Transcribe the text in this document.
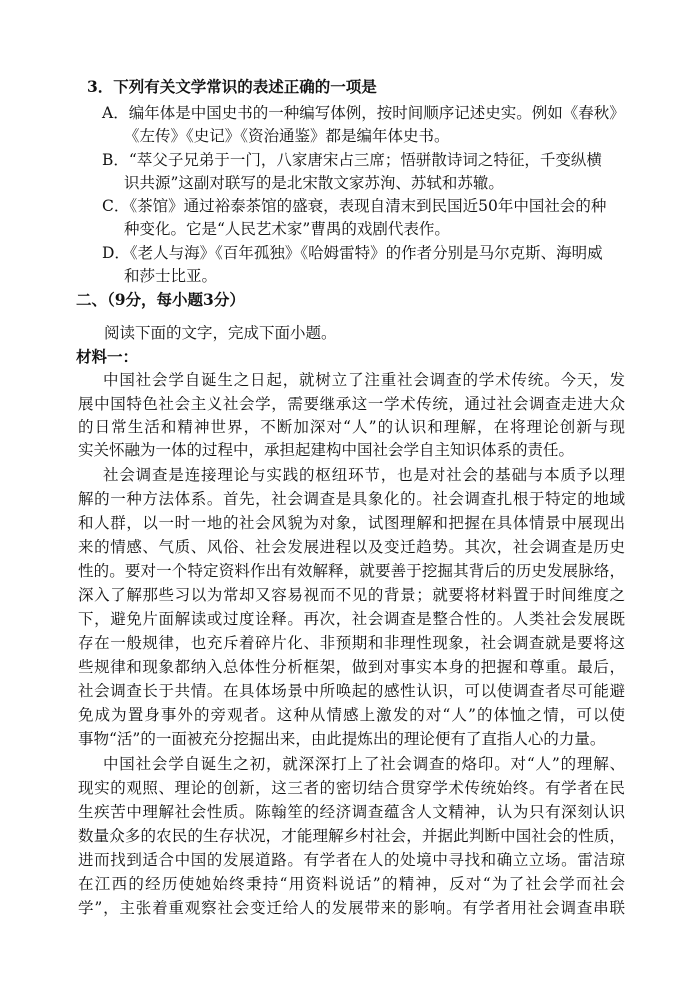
3．下列有关文学常识的表述正确的一项是
A．编年体是中国史书的一种编写体例，按时间顺序记述史实。例如《春秋》
《左传》《史记》《资治通鉴》都是编年体史书。
B．“萃父子兄弟于一门，八家唐宋占三席；悟骈散诗词之特征，千变纵横
识共源”这副对联写的是北宋散文家苏洵、苏轼和苏辙。
C．《茶馆》通过裕泰茶馆的盛衰，表现自清末到民国近50年中国社会的种
种变化。它是“人民艺术家”曹禺的戏剧代表作。
D．《老人与海》《百年孤独》《哈姆雷特》的作者分别是马尔克斯、海明威
和莎士比亚。
二、（9分，每小题3分）
阅读下面的文字，完成下面小题。
材料一：
中国社会学自诞生之日起，就树立了注重社会调查的学术传统。今天，发
展中国特色社会主义社会学，需要继承这一学术传统，通过社会调查走进大众
的日常生活和精神世界，不断加深对“人”的认识和理解，在将理论创新与现
实关怀融为一体的过程中，承担起建构中国社会学自主知识体系的责任。
社会调查是连接理论与实践的枢纽环节，也是对社会的基础与本质予以理
解的一种方法体系。首先，社会调查是具象化的。社会调查扎根于特定的地域
和人群，以一时一地的社会风貌为对象，试图理解和把握在具体情景中展现出
来的情感、气质、风俗、社会发展进程以及变迁趋势。其次，社会调查是历史
性的。要对一个特定资料作出有效解释，就要善于挖掘其背后的历史发展脉络，
深入了解那些习以为常却又容易视而不见的背景；就要将材料置于时间维度之
下，避免片面解读或过度诠释。再次，社会调查是整合性的。人类社会发展既
存在一般规律，也充斥着碎片化、非预期和非理性现象，社会调查就是要将这
些规律和现象都纳入总体性分析框架，做到对事实本身的把握和尊重。最后，
社会调查长于共情。在具体场景中所唤起的感性认识，可以使调查者尽可能避
免成为置身事外的旁观者。这种从情感上激发的对“人”的体恤之情，可以使
事物“活”的一面被充分挖掘出来，由此提炼出的理论便有了直指人心的力量。
中国社会学自诞生之初，就深深打上了社会调查的烙印。对“人”的理解、
现实的观照、理论的创新，这三者的密切结合贯穿学术传统始终。有学者在民
生疾苦中理解社会性质。陈翰笙的经济调查蕴含人文精神，认为只有深刻认识
数量众多的农民的生存状况，才能理解乡村社会，并据此判断中国社会的性质，
进而找到适合中国的发展道路。有学者在人的处境中寻找和确立立场。雷洁琼
在江西的经历使她始终秉持“用资料说话”的精神，反对“为了社会学而社会
学”，主张着重观察社会变迁给人的发展带来的影响。有学者用社会调查串联
